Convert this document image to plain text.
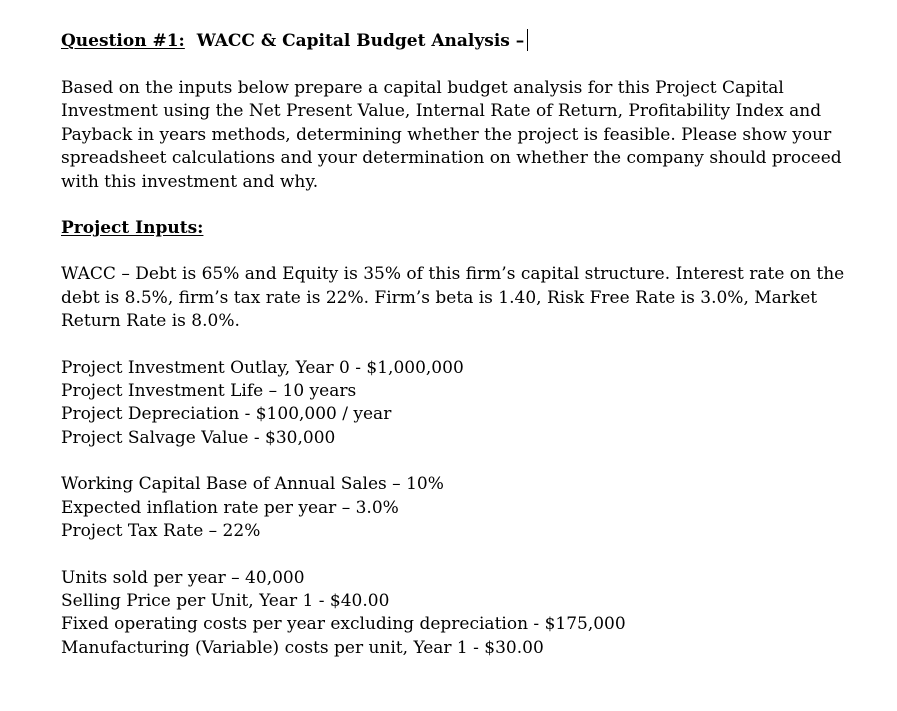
Question #1: WACC & Capital Budget Analysis –

Based on the inputs below prepare a capital budget analysis for this Project Capital Investment using the Net Present Value, Internal Rate of Return, Profitability Index and Payback in years methods, determining whether the project is feasible. Please show your spreadsheet calculations and your determination on whether the company should proceed with this investment and why.

Project Inputs:

WACC – Debt is 65% and Equity is 35% of this firm’s capital structure. Interest rate on the debt is 8.5%, firm’s tax rate is 22%. Firm’s beta is 1.40, Risk Free Rate is 3.0%, Market Return Rate is 8.0%.

Project Investment Outlay, Year 0 - $1,000,000
Project Investment Life – 10 years
Project Depreciation - $100,000 / year
Project Salvage Value - $30,000
Working Capital Base of Annual Sales – 10%
Expected inflation rate per year – 3.0%
Project Tax Rate – 22%
Units sold per year – 40,000
Selling Price per Unit, Year 1 - $40.00
Fixed operating costs per year excluding depreciation - $175,000
Manufacturing (Variable) costs per unit, Year 1 - $30.00
